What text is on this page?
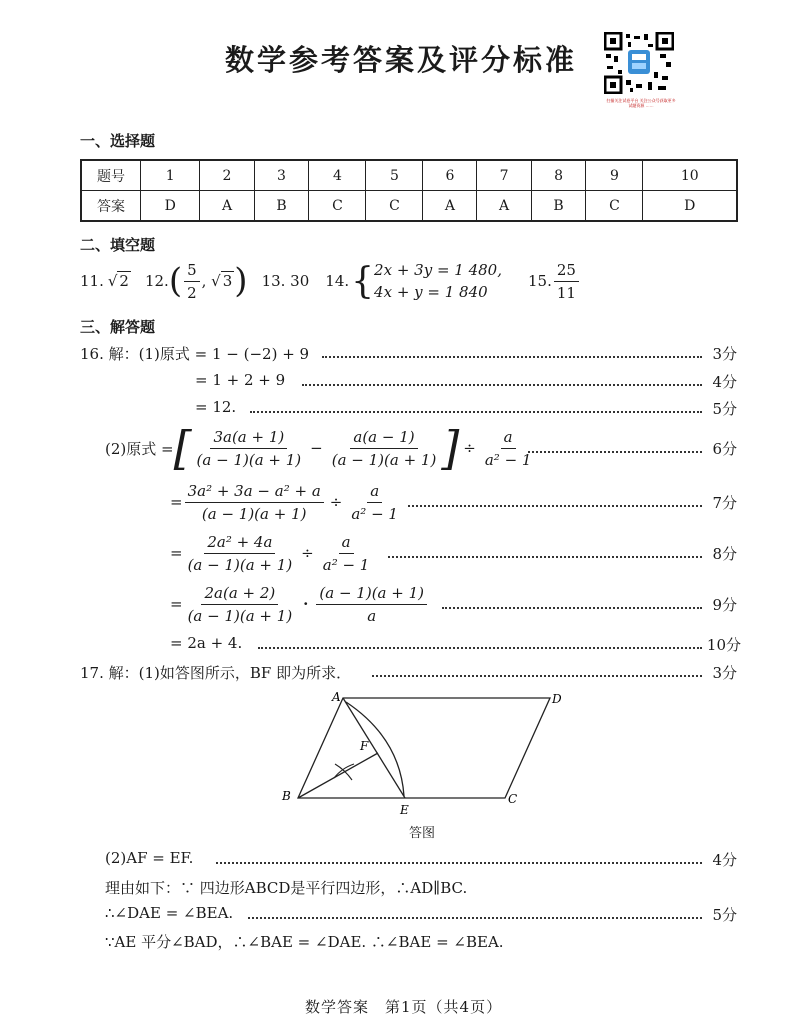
数学参考答案及评分标准
扫描关注试卷平台 关注公众号获取更多试题资源 ……
一、选择题
题号	1	2	3	4	5	6	7	8	9	10
答案	D	A	B	C	C	A	A	B	C	D
二、填空题
11. √ 2 12. ( $\frac{5}{2}$ , √ 3 ) 13. 30 14. { 2x + 3y = 1 480,
4x + y = 1 840
15. $\frac{25}{11}$
三、解答题
16. 解：(1)原式 = 1 − (−2) + 9	3分
= 1 + 2 + 9	4分
= 12.	5分
(2)原式 = [ $\frac{3a(a + 1)}{(a - 1)(a + 1)} - \frac{a(a - 1)}{(a - 1)(a + 1)}$ ] ÷ $\frac{a}{\text{a² − 1}}$	6分
= $\frac{\text{3a² + 3a − a² + a}}{(a - 1)(a + 1)} \div \frac{a}{\text{a² − 1}}$	7分
= $\frac{\text{2a² + 4a}}{(a - 1)(a + 1)} \div \frac{a}{\text{a² − 1}}$	8分
= $\frac{2a(a + 2)}{(a - 1)(a + 1)} \cdot \frac{(a - 1)(a + 1)}{a}$	9分
= 2a + 4.	10分
17. 解：(1)如答图所示，BF 即为所求．	3分
A	D
B	C
E
F
答图
(2)AF = EF.	4分
理由如下：∵ 四边形ABCD是平行四边形，∴AD∥BC.
∴∠DAE = ∠BEA.	5分
∵AE 平分∠BAD，∴∠BAE = ∠DAE. ∴∠BAE = ∠BEA.
数学答案　第1页（共4页）
